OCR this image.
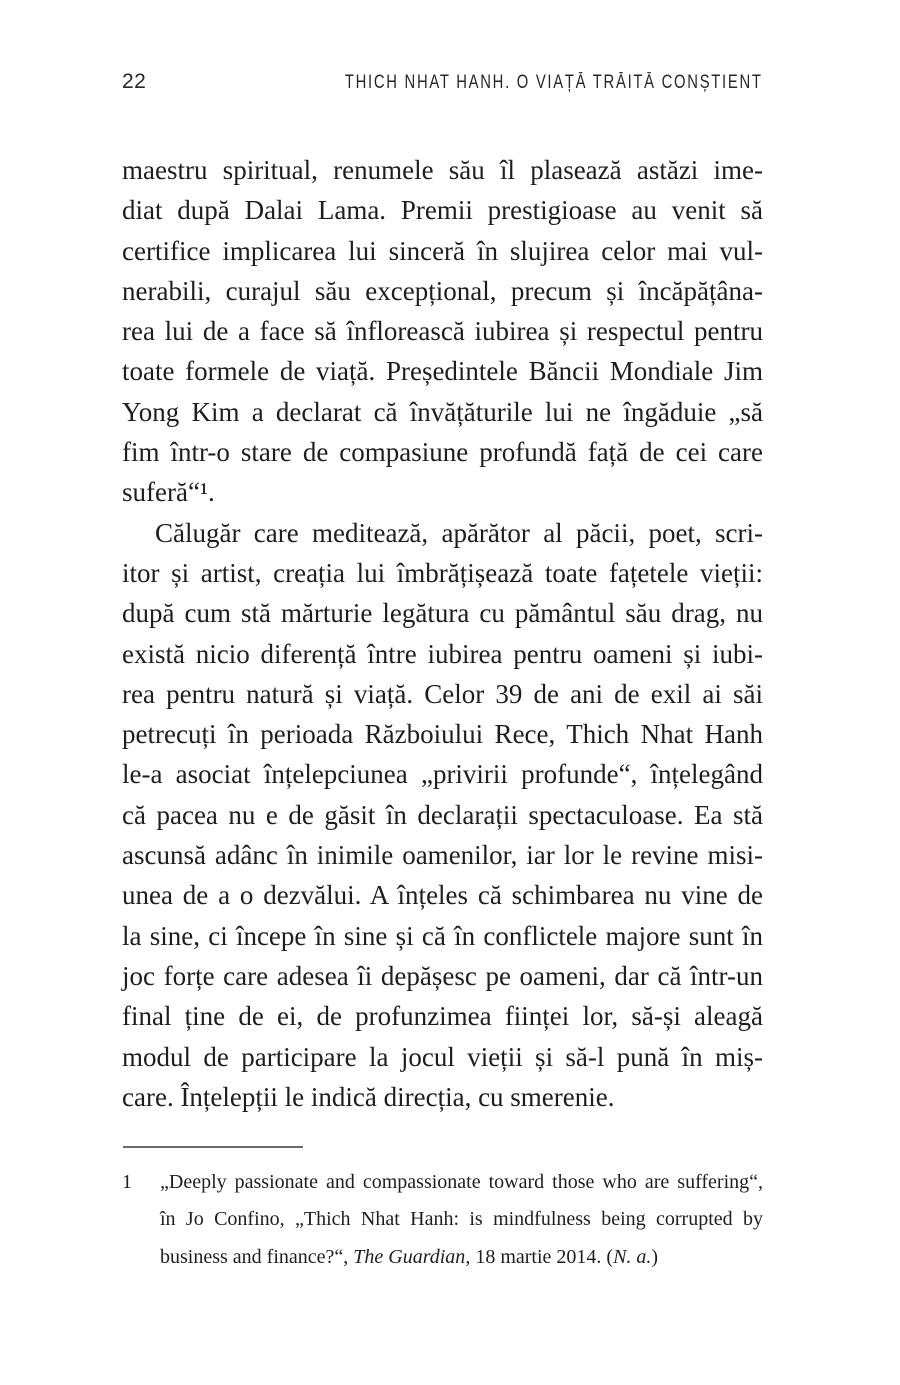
22	THICH NHAT HANH. O VIAȚĂ TRĂITĂ CONȘTIENT
maestru spiritual, renumele său îl plasează astăzi ime-
diat după Dalai Lama. Premii prestigioase au venit să
certifice implicarea lui sinceră în slujirea celor mai vul-
nerabili, curajul său excepțional, precum și încăpățâna-
rea lui de a face să înflorească iubirea și respectul pentru
toate formele de viață. Președintele Băncii Mondiale Jim
Yong Kim a declarat că învățăturile lui ne îngăduie „să
fim într-o stare de compasiune profundă față de cei care
suferă“¹.
Călugăr care meditează, apărător al păcii, poet, scri-
itor și artist, creația lui îmbrățișează toate fațetele vieții:
după cum stă mărturie legătura cu pământul său drag, nu
există nicio diferență între iubirea pentru oameni și iubi-
rea pentru natură și viață. Celor 39 de ani de exil ai săi
petrecuți în perioada Războiului Rece, Thich Nhat Hanh
le-a asociat înțelepciunea „privirii profunde“, înțelegând
că pacea nu e de găsit în declarații spectaculoase. Ea stă
ascunsă adânc în inimile oamenilor, iar lor le revine misi-
unea de a o dezvălui. A înțeles că schimbarea nu vine de
la sine, ci începe în sine și că în conflictele majore sunt în
joc forțe care adesea îi depășesc pe oameni, dar că într-un
final ține de ei, de profunzimea ființei lor, să-și aleagă
modul de participare la jocul vieții și să-l pună în miș-
care. Înțelepții le indică direcția, cu smerenie.
1	„Deeply passionate and compassionate toward those who are suffering“,
în Jo Confino, „Thich Nhat Hanh: is mindfulness being corrupted by
business and finance?“, The Guardian, 18 martie 2014. (N. a.)
